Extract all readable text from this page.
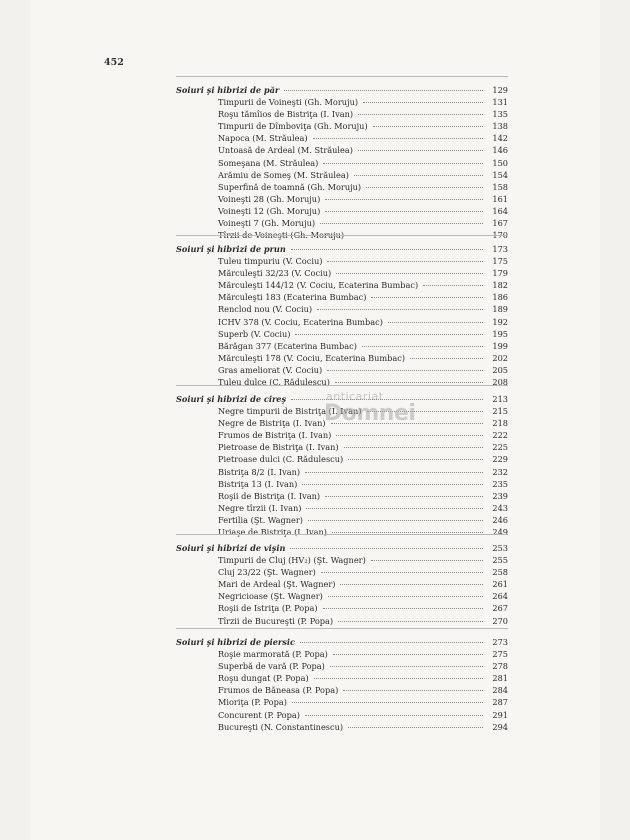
452
Soiuri şi hibrizi de păr	129
Timpurii de Voineşti (Gh. Moruju)	131
Roşu tămîios de Bistriţa (I. Ivan)	135
Timpurii de Dîmboviţa (Gh. Moruju)	138
Napoca (M. Străulea)	142
Untoasă de Ardeal (M. Străulea)	146
Someşana (M. Străulea)	150
Arămiu de Someş (M. Străulea)	154
Superfină de toamnă (Gh. Moruju)	158
Voineşti 28 (Gh. Moruju)	161
Voineşti 12 (Gh. Moruju)	164
Voineşti 7 (Gh. Moruju)	167
Tîrzii de Voineşti (Gh. Moruju)	170
Soiuri şi hibrizi de prun	173
Tuleu timpuriu (V. Cociu)	175
Mărculeşti 32/23 (V. Cociu)	179
Mărculeşti 144/12 (V. Cociu, Ecaterina Bumbac)	182
Mărculeşti 183 (Ecaterina Bumbac)	186
Renclod nou (V. Cociu)	189
ICHV 378 (V. Cociu, Ecaterina Bumbac)	192
Superb (V. Cociu)	195
Bărăgan 377 (Ecaterina Bumbac)	199
Mărculeşti 178 (V. Cociu, Ecaterina Bumbac)	202
Gras ameliorat (V. Cociu)	205
Tuleu dulce (C. Rădulescu)	208
Soiuri şi hibrizi de cireş	213
Negre timpurii de Bistriţa (I. Ivan)	215
Negre de Bistriţa (I. Ivan)	218
Frumos de Bistriţa (I. Ivan)	222
Pietroase de Bistriţa (I. Ivan)	225
Pietroase dulci (C. Rădulescu)	229
Bistriţa 8/2 (I. Ivan)	232
Bistriţa 13 (I. Ivan)	235
Roşii de Bistriţa (I. Ivan)	239
Negre tîrzii (I. Ivan)	243
Fertilia (Şt. Wagner)	246
Uriaşe de Bistriţa (I. Ivan)	249
Soiuri şi hibrizi de vişin	253
Timpurii de Cluj (HV₂) (Şt. Wagner)	255
Cluj 23/22 (Şt. Wagner)	258
Mari de Ardeal (Şt. Wagner)	261
Negricioase (Şt. Wagner)	264
Roşii de Istriţa (P. Popa)	267
Tîrzii de Bucureşti (P. Popa)	270
Soiuri şi hibrizi de piersic	273
Roşie marmorată (P. Popa)	275
Superbă de vară (P. Popa)	278
Roşu dungat (P. Popa)	281
Frumos de Băneasa (P. Popa)	284
Mioriţa (P. Popa)	287
Concurent (P. Popa)	291
Bucureşti (N. Constantinescu)	294
anticariat
Domnei
